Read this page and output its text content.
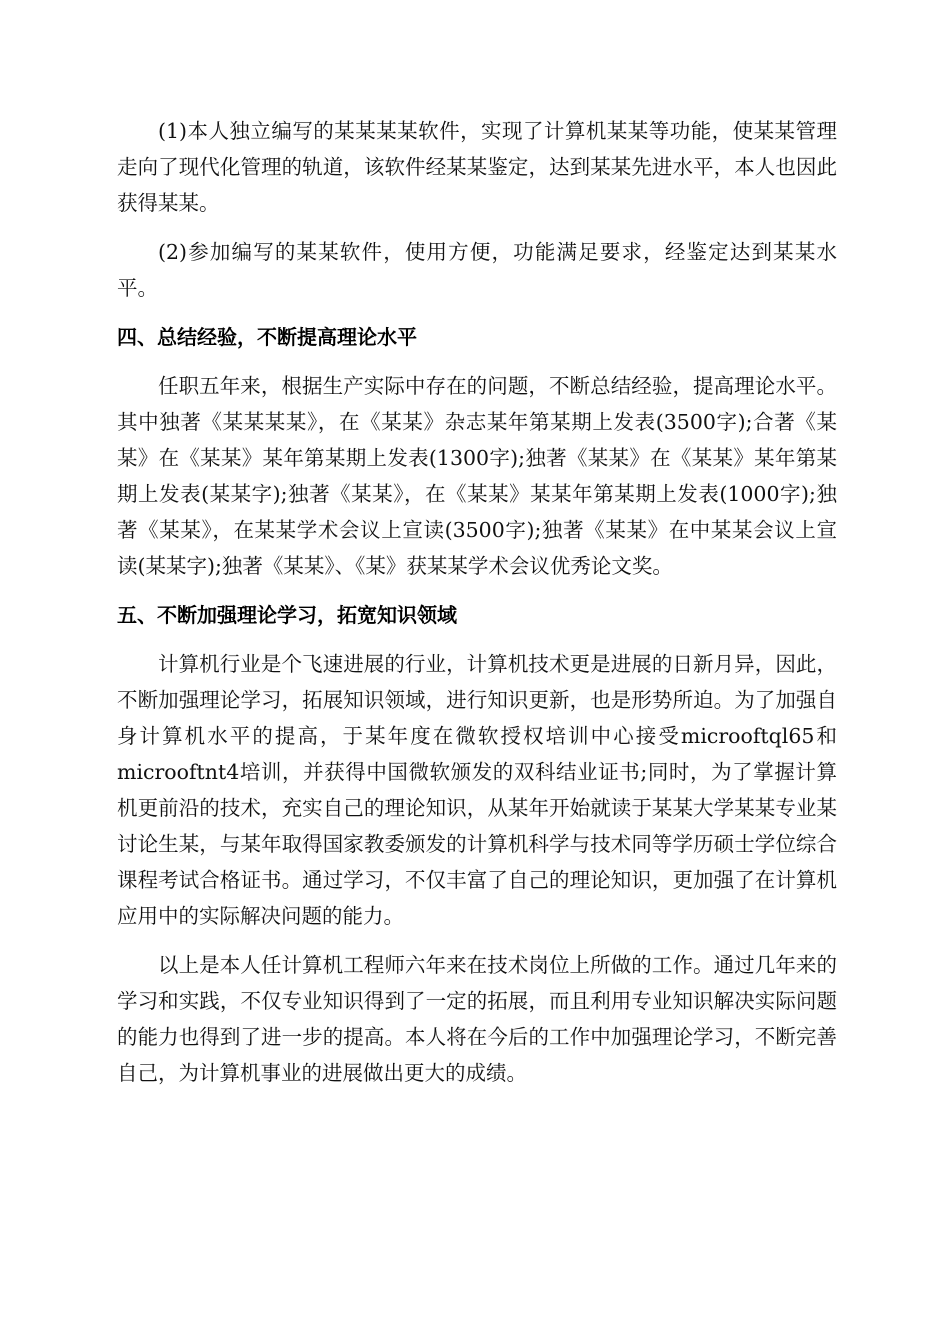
(1)本人独立编写的某某某某软件，实现了计算机某某等功能，使某某管理走向了现代化管理的轨道，该软件经某某鉴定，达到某某先进水平，本人也因此获得某某。

(2)参加编写的某某软件，使用方便，功能满足要求，经鉴定达到某某水平。

四、总结经验，不断提高理论水平

任职五年来，根据生产实际中存在的问题，不断总结经验，提高理论水平。其中独著《某某某某》，在《某某》杂志某年第某期上发表(3500字);合著《某某》在《某某》某年第某期上发表(1300字);独著《某某》在《某某》某年第某期上发表(某某字);独著《某某》，在《某某》某某年第某期上发表(1000字);独著《某某》，在某某学术会议上宣读(3500字);独著《某某》在中某某会议上宣读(某某字);独著《某某》、《某》获某某学术会议优秀论文奖。

五、不断加强理论学习，拓宽知识领域

计算机行业是个飞速进展的行业，计算机技术更是进展的日新月异，因此，不断加强理论学习，拓展知识领域，进行知识更新，也是形势所迫。为了加强自身计算机水平的提高，于某年度在微软授权培训中心接受microoftql65和microoftnt4培训，并获得中国微软颁发的双科结业证书;同时，为了掌握计算机更前沿的技术，充实自己的理论知识，从某年开始就读于某某大学某某专业某讨论生某，与某年取得国家教委颁发的计算机科学与技术同等学历硕士学位综合课程考试合格证书。通过学习，不仅丰富了自己的理论知识，更加强了在计算机应用中的实际解决问题的能力。

以上是本人任计算机工程师六年来在技术岗位上所做的工作。通过几年来的学习和实践，不仅专业知识得到了一定的拓展，而且利用专业知识解决实际问题的能力也得到了进一步的提高。本人将在今后的工作中加强理论学习，不断完善自己，为计算机事业的进展做出更大的成绩。
